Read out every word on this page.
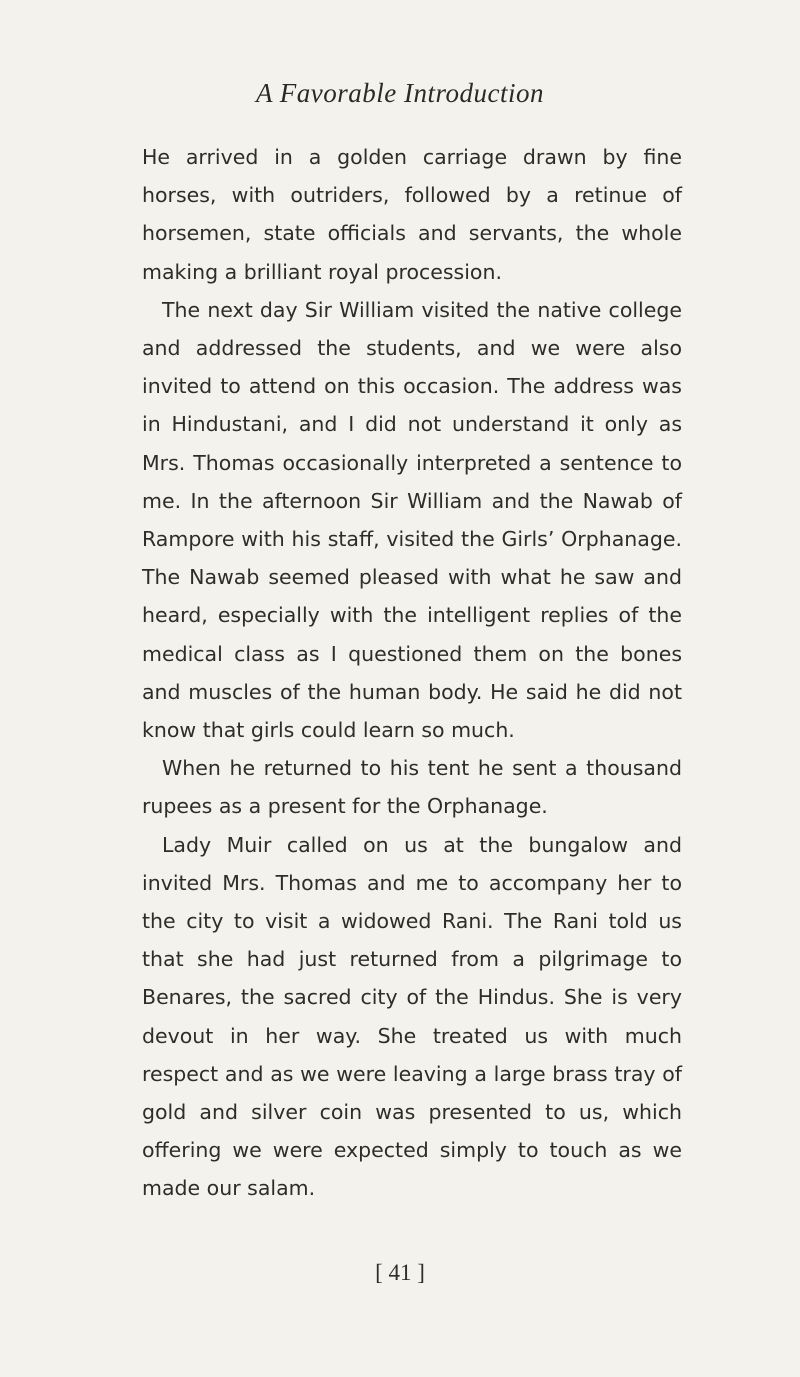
A Favorable Introduction

He arrived in a golden carriage drawn by fine horses, with outriders, followed by a retinue of horsemen, state officials and servants, the whole making a brilliant royal procession.

The next day Sir William visited the native college and addressed the students, and we were also invited to attend on this occasion. The address was in Hindustani, and I did not understand it only as Mrs. Thomas occasionally interpreted a sentence to me. In the afternoon Sir William and the Nawab of Rampore with his staff, visited the Girls’ Orphanage. The Nawab seemed pleased with what he saw and heard, especially with the intelligent replies of the medical class as I questioned them on the bones and muscles of the human body. He said he did not know that girls could learn so much.

When he returned to his tent he sent a thousand rupees as a present for the Orphanage.

Lady Muir called on us at the bungalow and invited Mrs. Thomas and me to accompany her to the city to visit a widowed Rani. The Rani told us that she had just returned from a pilgrimage to Benares, the sacred city of the Hindus. She is very devout in her way. She treated us with much respect and as we were leaving a large brass tray of gold and silver coin was presented to us, which offering we were expected simply to touch as we made our salam.

[ 41 ]
